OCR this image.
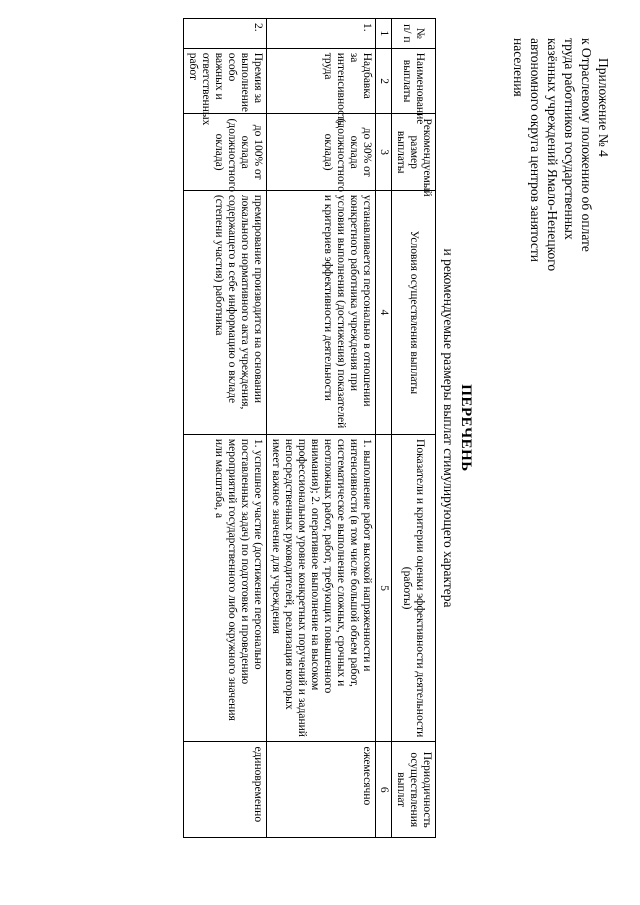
Приложение № 4
к Отраслевому положению об оплате
труда работников государственных
казённых учреждений Ямало-Ненецкого
автономного округа центров занятости
населения
ПЕРЕЧЕНЬ
и рекомендуемые размеры выплат стимулирующего характера
№ п/ п	Наименование выплаты	Рекомендуемый размер выплаты	Условия осуществления выплаты	Показатели и критерии оценки эффективности деятельности (работы)	Периодичность осуществления выплат
1	2	3	4	5	6
1.	Надбавка за интенсивность труда	до 30% от оклада (должностного оклада)	устанавливается персонально в отношении конкретного работника учреждения при условии выполнения (достижения) показателей и критериев эффективности деятельности	1. выполнение работ высокой напряженности и интенсивности (в том числе большой объем работ, систематическое выполнение сложных, срочных и неотложных работ, работ, требующих повышенного внимания); 2. оперативное выполнение на высоком профессиональном уровне конкретных поручений и заданий непосредственных руководителей, реализация которых имеет важное значение для учреждения	ежемесячно
2.	Премия за выполнение особо важных и ответственных работ	до 100% от оклада (должностного оклада)	премирование производится на основании локального нормативного акта учреждения, содержащего в себе информацию о вкладе (степени участия) работника	1. успешное участие (достижение персонально поставленных задач) по подготовке и проведению мероприятий государственного либо окружного значения или масштаба, а	единовременно
